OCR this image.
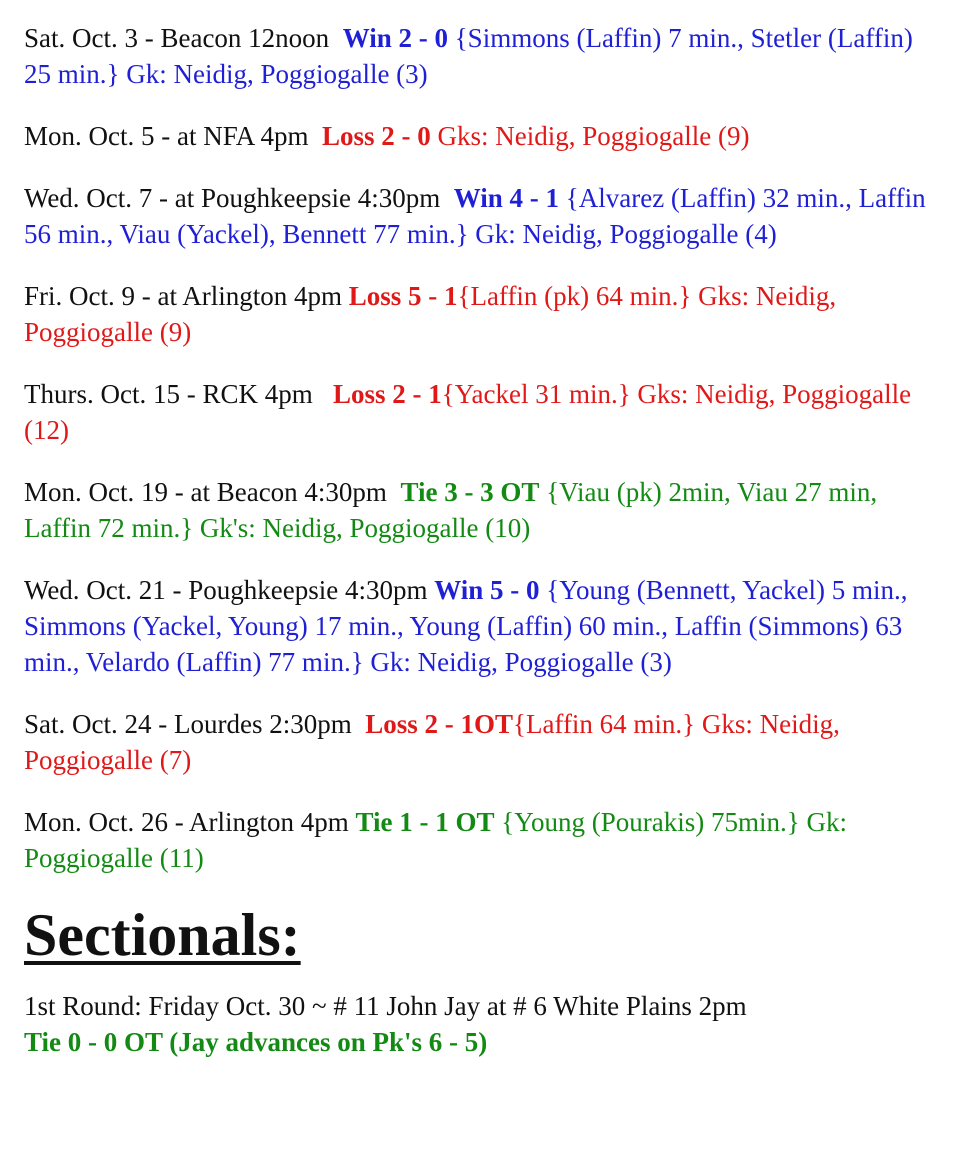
Sat. Oct. 3 - Beacon 12noon Win 2 - 0 {Simmons (Laffin) 7 min., Stetler (Laffin) 25 min.} Gk: Neidig, Poggiogalle (3)

Mon. Oct. 5 - at NFA 4pm Loss 2 - 0 Gks: Neidig, Poggiogalle (9)

Wed. Oct. 7 - at Poughkeepsie 4:30pm Win 4 - 1 {Alvarez (Laffin) 32 min., Laffin 56 min., Viau (Yackel), Bennett 77 min.} Gk: Neidig, Poggiogalle (4)

Fri. Oct. 9 - at Arlington 4pm Loss 5 - 1{Laffin (pk) 64 min.} Gks: Neidig, Poggiogalle (9)

Thurs. Oct. 15 - RCK 4pm Loss 2 - 1{Yackel 31 min.} Gks: Neidig, Poggiogalle (12)

Mon. Oct. 19 - at Beacon 4:30pm Tie 3 - 3 OT {Viau (pk) 2min, Viau 27 min, Laffin 72 min.} Gk's: Neidig, Poggiogalle (10)

Wed. Oct. 21 - Poughkeepsie 4:30pm Win 5 - 0 {Young (Bennett, Yackel) 5 min., Simmons (Yackel, Young) 17 min., Young (Laffin) 60 min., Laffin (Simmons) 63 min., Velardo (Laffin) 77 min.} Gk: Neidig, Poggiogalle (3)

Sat. Oct. 24 - Lourdes 2:30pm Loss 2 - 1OT{Laffin 64 min.} Gks: Neidig, Poggiogalle (7)

Mon. Oct. 26 - Arlington 4pm Tie 1 - 1 OT {Young (Pourakis) 75min.} Gk: Poggiogalle (11)

Sectionals:

1st Round: Friday Oct. 30 ~ # 11 John Jay at # 6 White Plains 2pm

Tie 0 - 0 OT (Jay advances on Pk's 6 - 5)
